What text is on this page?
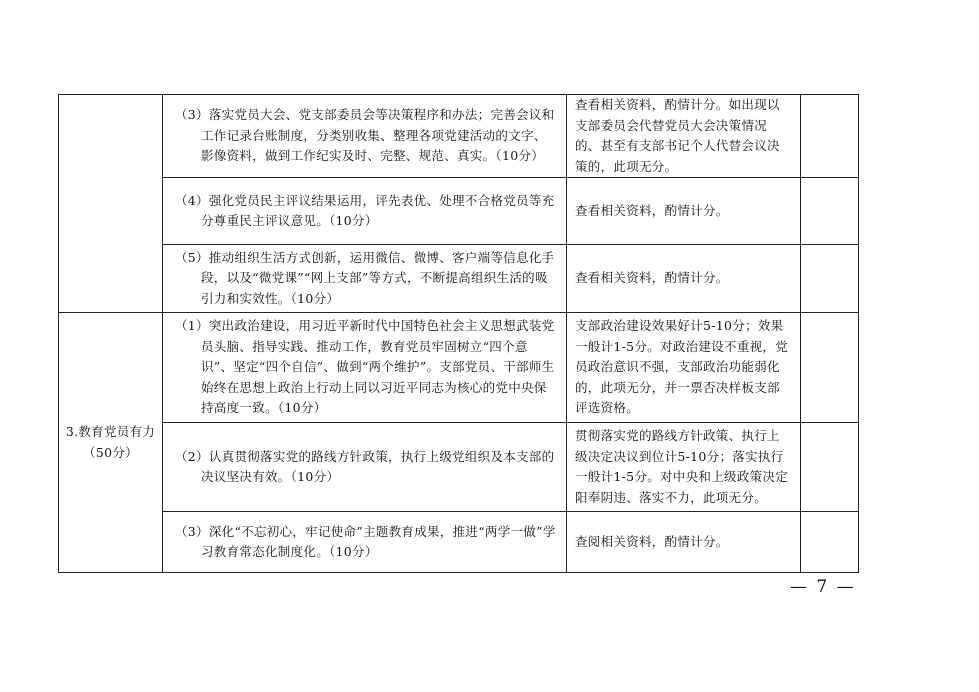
	（3）落实党员大会、党支部委员会等决策程序和办法；完善会议和工作记录台账制度，分类别收集、整理各项党建活动的文字、影像资料，做到工作纪实及时、完整、规范、真实。（10分）	查看相关资料，酌情计分。如出现以支部委员会代替党员大会决策情况的、甚至有支部书记个人代替会议决策的，此项无分。	

	（4）强化党员民主评议结果运用，评先表优、处理不合格党员等充分尊重民主评议意见。（10分）	查看相关资料，酌情计分。	

	（5）推动组织生活方式创新，运用微信、微博、客户端等信息化手段，以及“微党课”“网上支部”等方式，不断提高组织生活的吸引力和实效性。（10分）	查看相关资料，酌情计分。	
3.教育党员有力（50分）	（1）突出政治建设，用习近平新时代中国特色社会主义思想武装党员头脑、指导实践、推动工作，教育党员牢固树立“四个意识”、坚定“四个自信”、做到“两个维护”。支部党员、干部师生始终在思想上政治上行动上同以习近平同志为核心的党中央保持高度一致。（10分）	支部政治建设效果好计5-10分；效果一般计1-5分。对政治建设不重视，党员政治意识不强，支部政治功能弱化的，此项无分，并一票否决样板支部评选资格。	

	（2）认真贯彻落实党的路线方针政策，执行上级党组织及本支部的决议坚决有效。（10分）	贯彻落实党的路线方针政策、执行上级决定决议到位计5-10分；落实执行一般计1-5分。对中央和上级政策决定阳奉阴违、落实不力，此项无分。	

	（3）深化“不忘初心，牢记使命”主题教育成果，推进“两学一做”学习教育常态化制度化。（10分）	查阅相关资料，酌情计分。	
— 7 —
